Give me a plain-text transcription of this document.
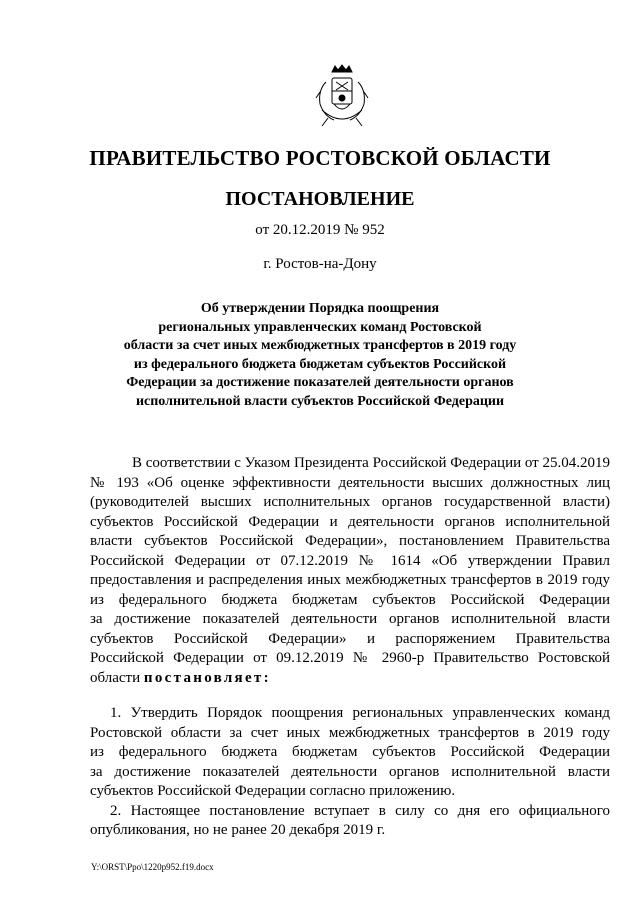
ПРАВИТЕЛЬСТВО РОСТОВСКОЙ ОБЛАСТИ
ПОСТАНОВЛЕНИЕ
от 20.12.2019 № 952
г. Ростов-на-Дону
Об утверждении Порядка поощрения
региональных управленческих команд Ростовской
области за счет иных межбюджетных трансфертов в 2019 году
из федерального бюджета бюджетам субъектов Российской
Федерации за достижение показателей деятельности органов
исполнительной власти субъектов Российской Федерации
В соответствии с Указом Президента Российской Федерации от 25.04.2019
№ 193 «Об оценке эффективности деятельности высших должностных лиц
(руководителей высших исполнительных органов государственной власти)
субъектов Российской Федерации и деятельности органов исполнительной
власти субъектов Российской Федерации», постановлением Правительства
Российской Федерации от 07.12.2019 № 1614 «Об утверждении Правил
предоставления и распределения иных межбюджетных трансфертов в 2019 году
из федерального бюджета бюджетам субъектов Российской Федерации
за достижение показателей деятельности органов исполнительной власти
субъектов Российской Федерации» и распоряжением Правительства
Российской Федерации от 09.12.2019 № 2960-р Правительство Ростовской
области постановляет:
1. Утвердить Порядок поощрения региональных управленческих команд
Ростовской области за счет иных межбюджетных трансфертов в 2019 году
из федерального бюджета бюджетам субъектов Российской Федерации
за достижение показателей деятельности органов исполнительной власти
субъектов Российской Федерации согласно приложению.
2. Настоящее постановление вступает в силу со дня его официального
опубликования, но не ранее 20 декабря 2019 г.
Y:\ORST\Ppo\1220p952.f19.docx
